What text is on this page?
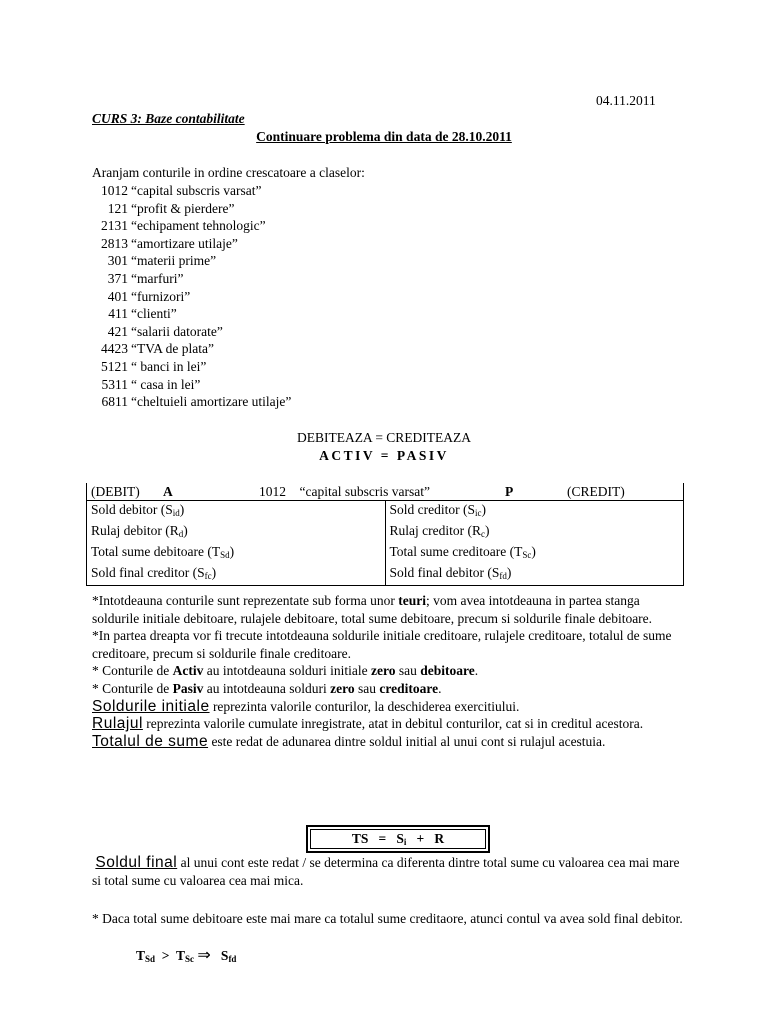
04.11.2011
CURS 3: Baze contabilitate
Continuare problema din data de 28.10.2011
Aranjam conturile in ordine crescatoare a claselor:
1012 “capital subscris varsat”
121 “profit & pierdere”
2131 “echipament tehnologic”
2813 “amortizare utilaje”
301 “materii prime”
371 “marfuri”
401 “furnizori”
411 “clienti”
421 “salarii datorate”
4423 “TVA de plata”
5121 “ banci in lei”
5311 “ casa in lei”
6811 “cheltuieli amortizare utilaje”
DEBITEAZA = CREDITEAZA
ACTIV = PASIV
(DEBIT) A 1012    “capital subscris varsat”	P (CREDIT)

Sold debitor $(S_{id})$	Sold creditor $(S_{ic})$
Rulaj debitor $(R_d)$	Rulaj creditor $(R_c)$
Total sume debitoare $(T_{Sd})$	Total sume creditoare $(T_{Sc})$
Sold final creditor $(S_{fc})$	Sold final debitor $(S_{fd})$

*Intotdeauna conturile sunt reprezentate sub forma unor teuri; vom avea intotdeauna in partea stanga soldurile initiale debitoare, rulajele debitoare, total sume debitoare, precum si soldurile finale debitoare.

*In partea dreapta vor fi trecute intotdeauna soldurile initiale creditoare, rulajele creditoare, totalul de sume creditoare, precum si soldurile finale creditoare.

* Conturile de Activ au intotdeauna solduri initiale zero sau debitoare.

* Conturile de Pasiv au intotdeauna solduri zero sau creditoare.

Soldurile initiale reprezinta valorile conturilor, la deschiderea exercitiului.

Rulajul reprezinta valorile cumulate inregistrate, atat in debitul conturilor, cat si in creditul acestora.

Totalul de sume este redat de adunarea dintre soldul initial al unui cont si rulajul acestuia.

TS = $S_i + R$
Soldul final al unui cont este redat / se determina ca diferenta dintre total sume cu valoarea cea mai mare si total sume cu valoarea cea mai mica.
* Daca total sume debitoare este mai mare ca totalul sume creditaore, atunci contul va avea sold final debitor.
$T_{Sd} > T_{Sc}$ ⇒ $S_{fd}$
